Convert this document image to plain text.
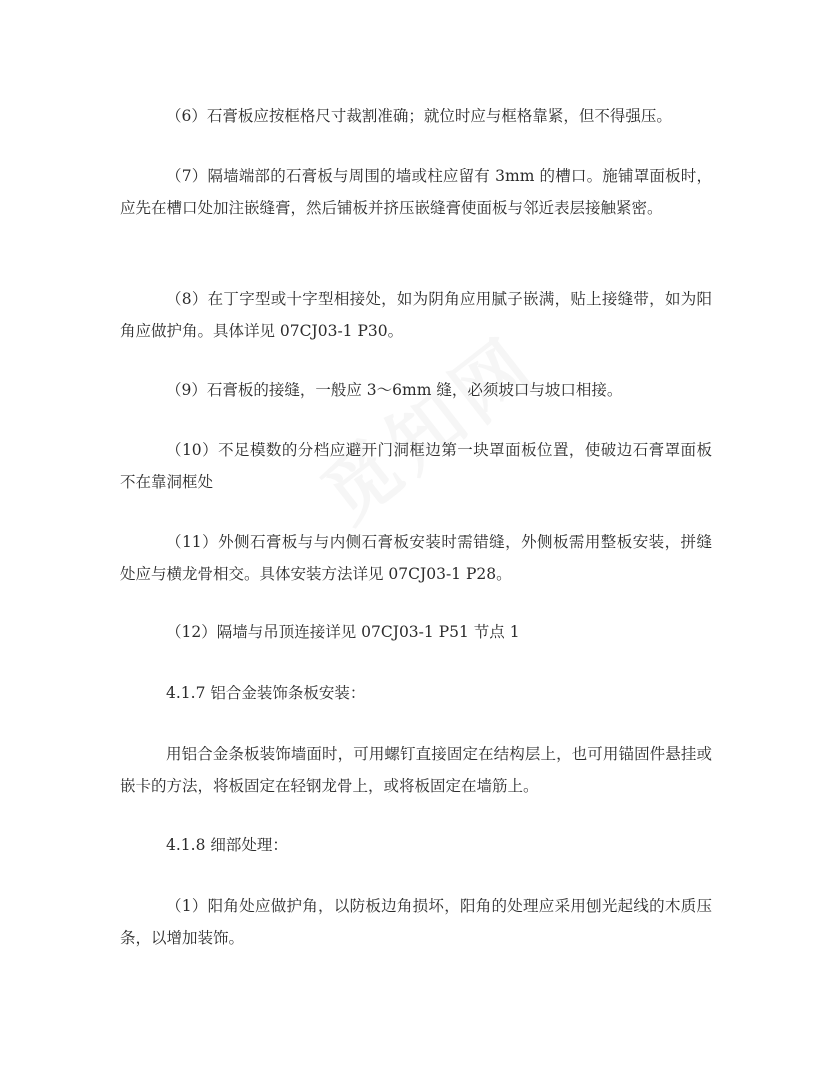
（6）石膏板应按框格尺寸裁割准确；就位时应与框格靠紧，但不得强压。

（7）隔墙端部的石膏板与周围的墙或柱应留有 3mm 的槽口。施铺罩面板时，应先在槽口处加注嵌缝膏，然后铺板并挤压嵌缝膏使面板与邻近表层接触紧密。

（8）在丁字型或十字型相接处，如为阴角应用腻子嵌满，贴上接缝带，如为阳角应做护角。具体详见 07CJ03-1 P30。

（9）石膏板的接缝，一般应 3～6mm 缝，必须坡口与坡口相接。

（10）不足模数的分档应避开门洞框边第一块罩面板位置，使破边石膏罩面板不在靠洞框处

（11）外侧石膏板与与内侧石膏板安装时需错缝，外侧板需用整板安装，拼缝处应与横龙骨相交。具体安装方法详见 07CJ03-1 P28。

（12）隔墙与吊顶连接详见 07CJ03-1 P51 节点 1

4.1.7 铝合金装饰条板安装：

用铝合金条板装饰墙面时，可用螺钉直接固定在结构层上，也可用锚固件悬挂或嵌卡的方法，将板固定在轻钢龙骨上，或将板固定在墙筋上。

4.1.8 细部处理：

（1）阳角处应做护角，以防板边角损坏，阳角的处理应采用刨光起线的木质压条，以增加装饰。
